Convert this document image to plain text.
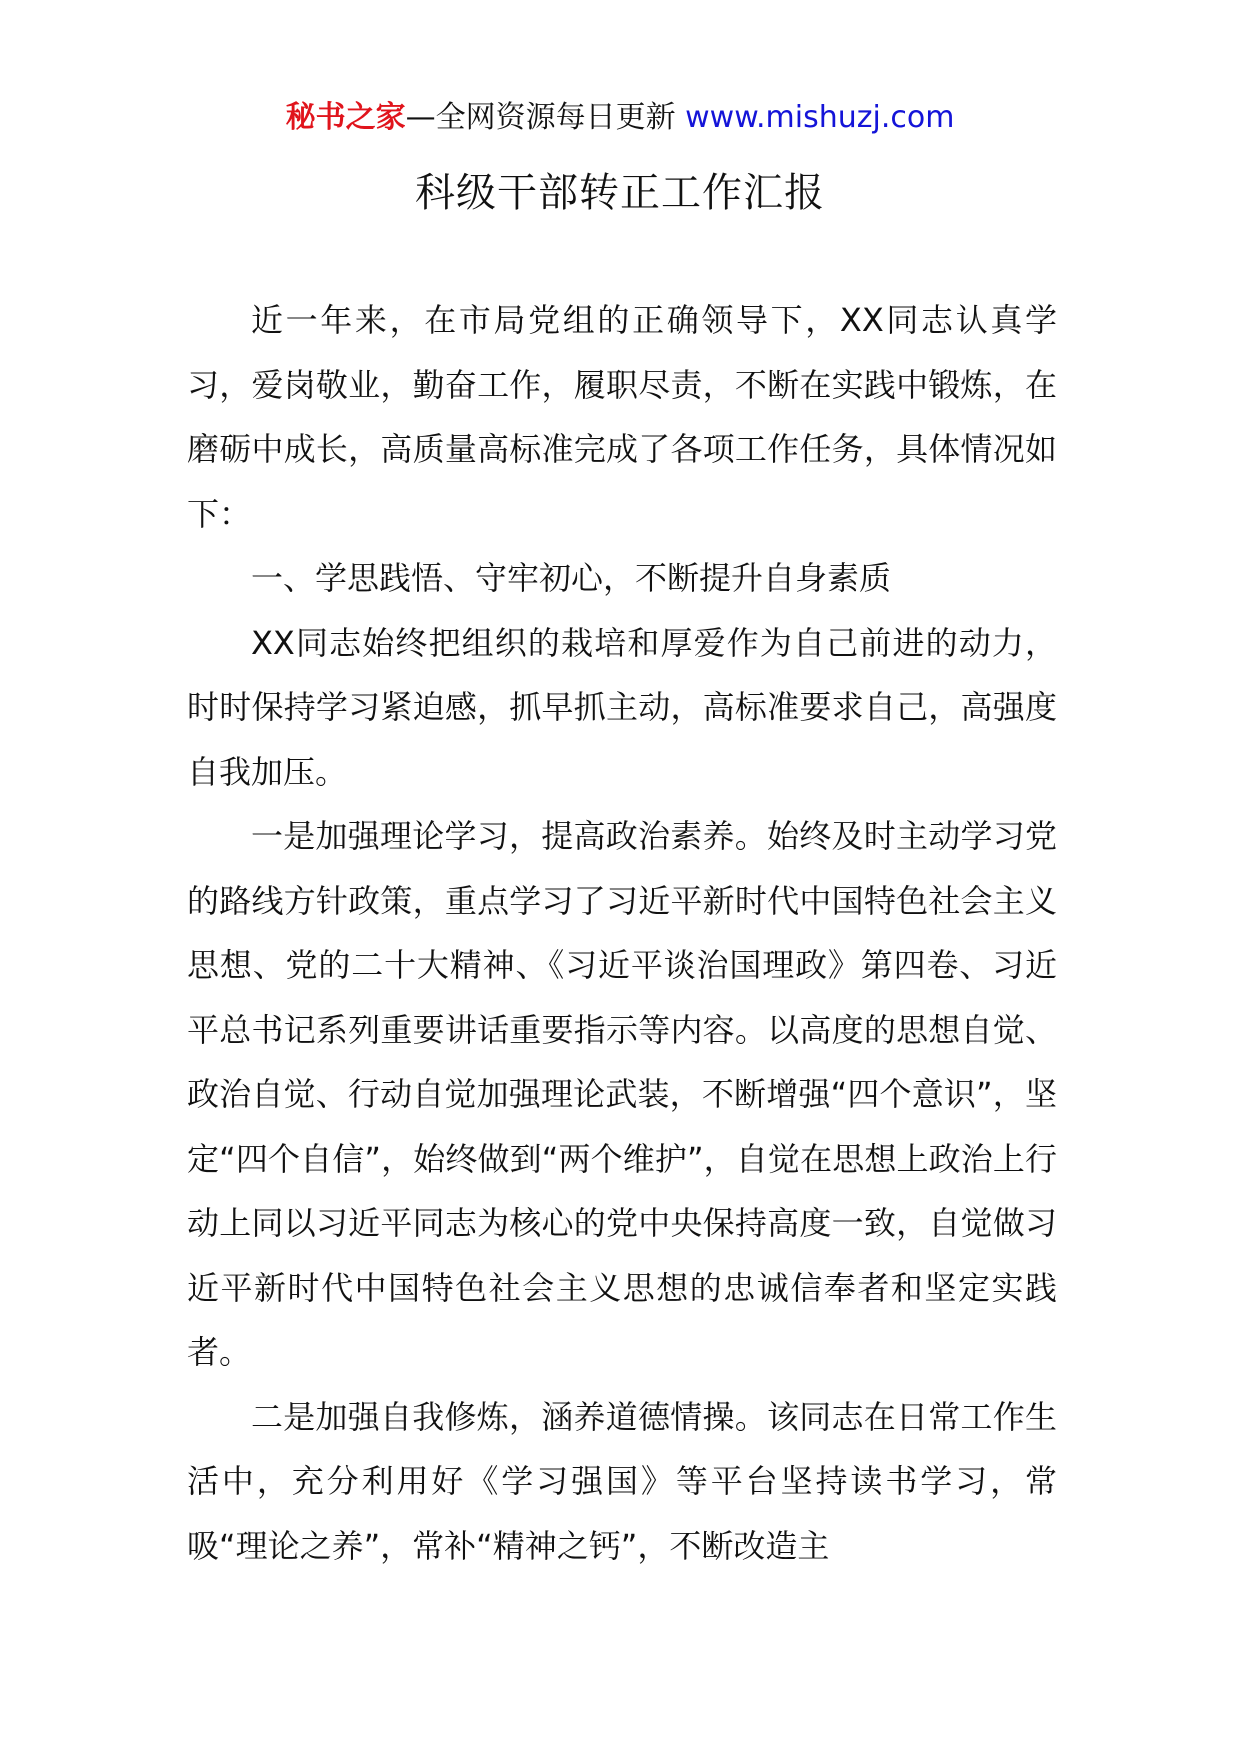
秘书之家—全网资源每日更新 www.mishuzj.com
科级干部转正工作汇报

近一年来，在市局党组的正确领导下，XX同志认真学习，爱岗敬业，勤奋工作，履职尽责，不断在实践中锻炼，在磨砺中成长，高质量高标准完成了各项工作任务，具体情况如下：

一、学思践悟、守牢初心，不断提升自身素质

XX同志始终把组织的栽培和厚爱作为自己前进的动力，时时保持学习紧迫感，抓早抓主动，高标准要求自己，高强度自我加压。

一是加强理论学习，提高政治素养。始终及时主动学习党的路线方针政策，重点学习了习近平新时代中国特色社会主义思想、党的二十大精神、《习近平谈治国理政》第四卷、习近平总书记系列重要讲话重要指示等内容。以高度的思想自觉、政治自觉、行动自觉加强理论武装，不断增强“四个意识”，坚定“四个自信”，始终做到“两个维护”，自觉在思想上政治上行动上同以习近平同志为核心的党中央保持高度一致，自觉做习近平新时代中国特色社会主义思想的忠诚信奉者和坚定实践者。

二是加强自我修炼，涵养道德情操。该同志在日常工作生活中，充分利用好《学习强国》等平台坚持读书学习，常吸“理论之养”，常补“精神之钙”，不断改造主
